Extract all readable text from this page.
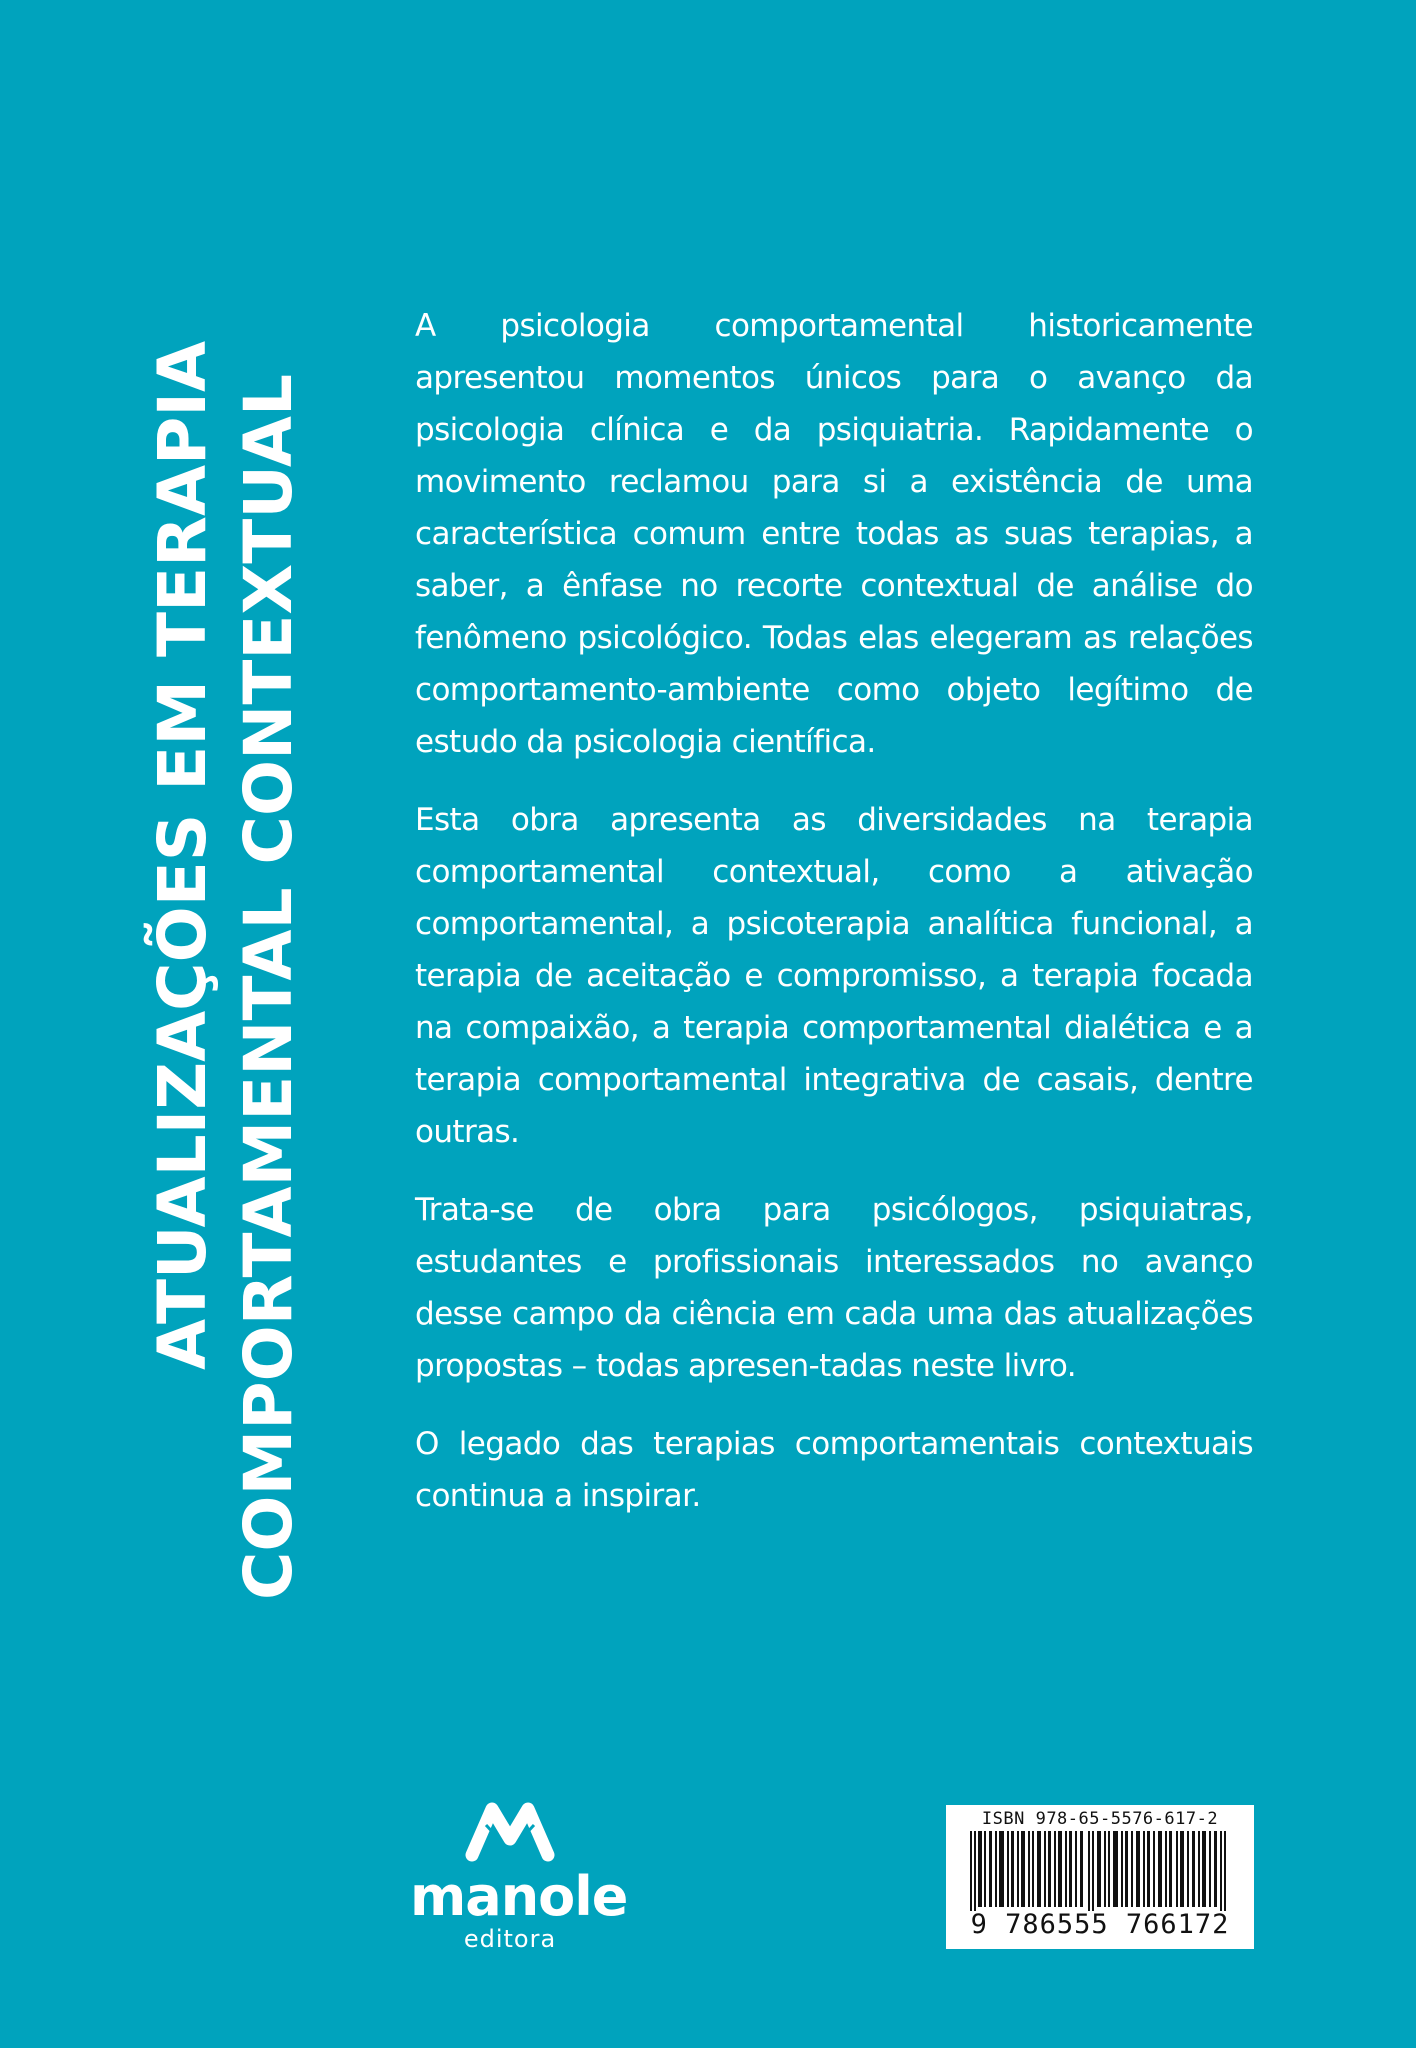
ATUALIZAÇÕES EM TERAPIA COMPORTAMENTAL CONTEXTUAL

A psicologia comportamental historicamente apresentou momentos únicos para o avanço da psicologia clínica e da psiquiatria. Rapidamente o movimento reclamou para si a existência de uma característica comum entre todas as suas terapias, a saber, a ênfase no recorte contextual de análise do fenômeno psicológico. Todas elas elegeram as relações comportamento-ambiente como objeto legítimo de estudo da psicologia científica.

Esta obra apresenta as diversidades na terapia comportamental contextual, como a ativação comportamental, a psicoterapia analítica funcional, a terapia de aceitação e compromisso, a terapia focada na compaixão, a terapia comportamental dialética e a terapia comportamental integrativa de casais, dentre outras.

Trata-se de obra para psicólogos, psiquiatras, estudantes e profissionais interessados no avanço desse campo da ciência em cada uma das atualizações propostas – todas apresen-tadas neste livro.

O legado das terapias comportamentais contextuais continua a inspirar.

manole
editora
ISBN 978-65-5576-617-2
9 786555 766172
